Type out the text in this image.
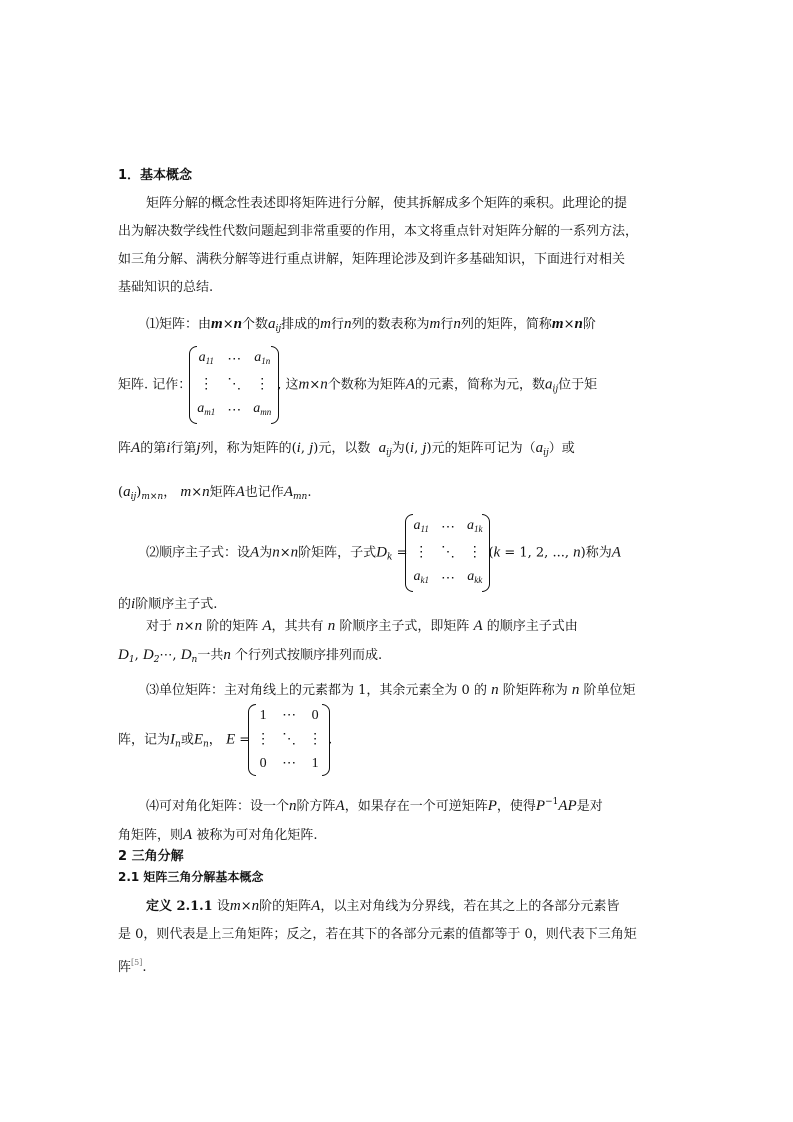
1．基本概念
矩阵分解的概念性表述即将矩阵进行分解，使其拆解成多个矩阵的乘积。此理论的提
出为解决数学线性代数问题起到非常重要的作用，本文将重点针对矩阵分解的一系列方法，
如三角分解、满秩分解等进行重点讲解，矩阵理论涉及到许多基础知识，下面进行对相关
基础知识的总结.
⑴矩阵：由m×n个数$a_{ij}$排成的m行n列的数表称为m行n列的矩阵，简称m×n阶
矩阵. 记作：
$a_{11}$	⋯	$a_{1n}$
⋮	⋱	⋮
$a_{m1}$	⋯	$a_{mn}$
, 这m×n个数称为矩阵A的元素，简称为元，数$a_{ij}$位于矩
阵A的第i行第j列，称为矩阵的(i, j)元，以数 $a_{ij}$为(i, j)元的矩阵可记为$(a_{ij})$或
$(a_{ij})_{m\times n}$， m×n矩阵A也记作$A_{mn}$.
⑵顺序主子式：设A为n×n阶矩阵，子式$D_k$ =
$a_{11}$	⋯	$a_{1k}$
⋮	⋱	⋮
$a_{k1}$	⋯	$a_{kk}$
(k = 1, 2, ..., n)称为A
的i阶顺序主子式.
对于 n×n 阶的矩阵 A，其共有 n 阶顺序主子式，即矩阵 A 的顺序主子式由
$D_1$, $D_2\cdots$, $D_n$一共n 个行列式按顺序排列而成.
⑶单位矩阵：主对角线上的元素都为 1，其余元素全为 0 的 n 阶矩阵称为 n 阶单位矩
阵，记为$I_n$或$E_n$， E =
1	⋯	0
⋮	⋱	⋮
0	⋯	1
.
⑷可对角化矩阵：设一个n阶方阵A，如果存在一个可逆矩阵P，使得$P^{-1}AP$是对
角矩阵，则A 被称为可对角化矩阵.
2 三角分解
2.1 矩阵三角分解基本概念
定义 2.1.1 设m×n阶的矩阵A，以主对角线为分界线，若在其之上的各部分元素皆
是 0，则代表是上三角矩阵；反之，若在其下的各部分元素的值都等于 0，则代表下三角矩
阵[5].
